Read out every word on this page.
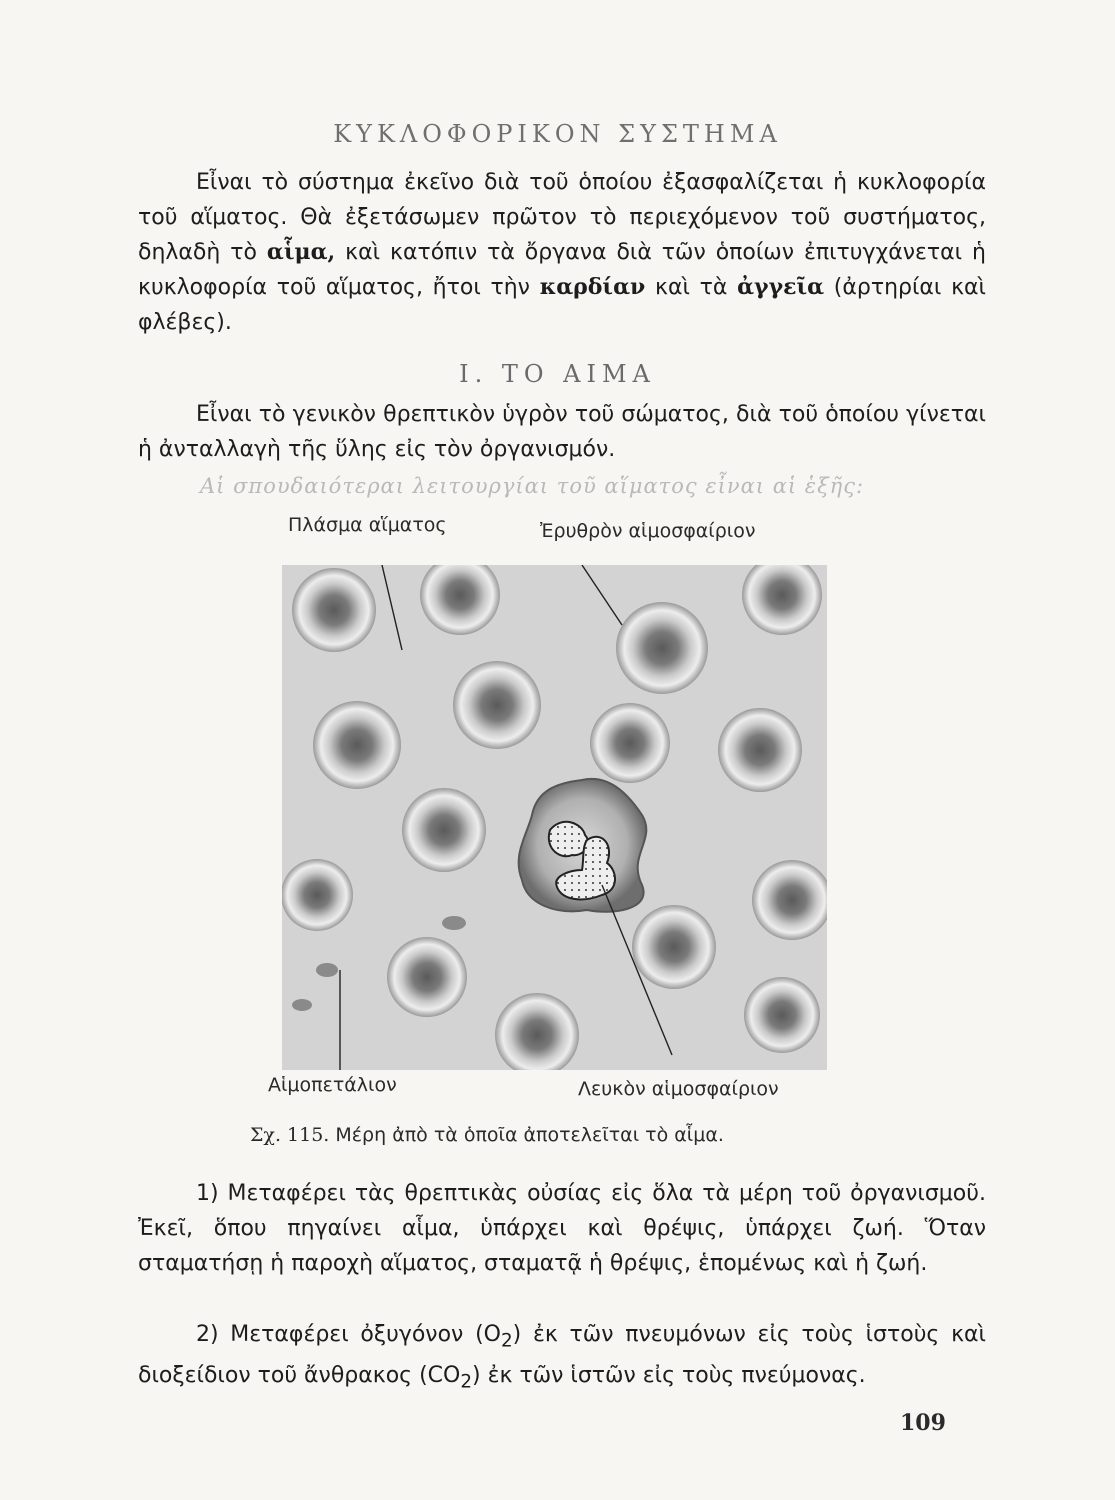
ΚΥΚΛΟΦΟΡΙΚΟΝ ΣΥΣΤΗΜΑ
Εἶναι τὸ σύστημα ἐκεῖνο διὰ τοῦ ὁποίου ἐξασφαλίζεται ἡ κυκλοφορία τοῦ αἵματος. Θὰ ἐξετάσωμεν πρῶτον τὸ περιεχόμενον τοῦ συστήματος, δηλαδὴ τὸ αἷμα, καὶ κατόπιν τὰ ὄργανα διὰ τῶν ὁποίων ἐπιτυγχάνεται ἡ κυκλοφορία τοῦ αἵματος, ἤτοι τὴν καρδίαν καὶ τὰ ἀγγεῖα (ἀρτηρίαι καὶ φλέβες).
Ι. ΤΟ ΑΙΜΑ
Εἶναι τὸ γενικὸν θρεπτικὸν ὑγρὸν τοῦ σώματος, διὰ τοῦ ὁποίου γίνεται ἡ ἀνταλλαγὴ τῆς ὕλης εἰς τὸν ὀργανισμόν.
Αἱ σπουδαιότεραι λειτουργίαι τοῦ αἵματος εἶναι αἱ ἑξῆς:
Πλάσμα αἵματος	Ἐρυθρὸν αἱμοσφαίριον
Αἱμοπετάλιον	Λευκὸν αἱμοσφαίριον
Σχ. 115. Μέρη ἀπὸ τὰ ὁποῖα ἀποτελεῖται τὸ αἷμα.
1) Μεταφέρει τὰς θρεπτικὰς οὐσίας εἰς ὅλα τὰ μέρη τοῦ ὀργανισμοῦ. Ἐκεῖ, ὅπου πηγαίνει αἷμα, ὑπάρχει καὶ θρέψις, ὑπάρχει ζωή. Ὅταν σταματήσῃ ἡ παροχὴ αἵματος, σταματᾷ ἡ θρέψις, ἑπομένως καὶ ἡ ζωή.
2) Μεταφέρει ὀξυγόνον $(O_2)$ ἐκ τῶν πνευμόνων εἰς τοὺς ἱστοὺς καὶ διοξείδιον τοῦ ἄνθρακος $(CO_2)$ ἐκ τῶν ἱστῶν εἰς τοὺς πνεύμονας.
109
